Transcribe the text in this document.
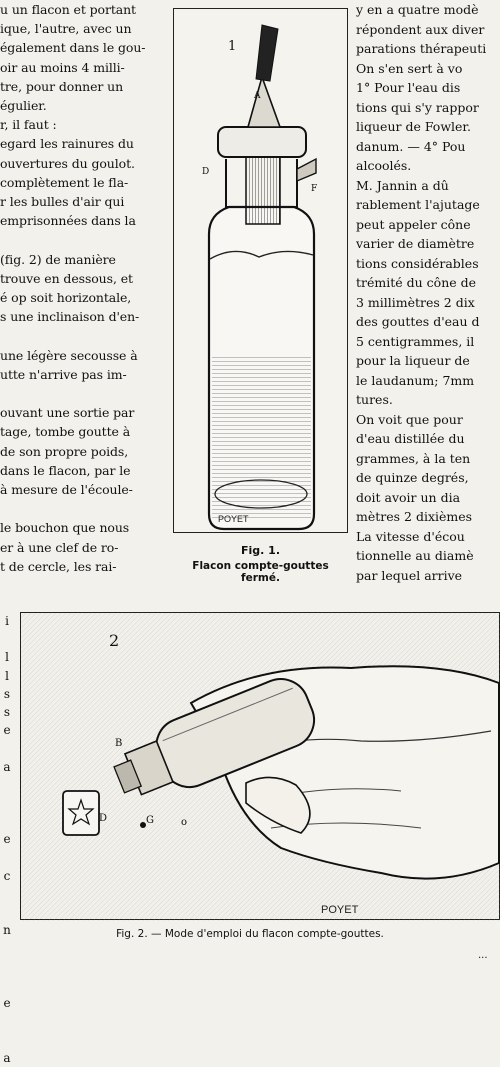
u un flacon et portant

ique, l'autre, avec un

également dans le gou-

oir au moins 4 milli-

tre, pour donner un

égulier.

r, il faut :

egard les rainures du

ouvertures du goulot.

complètement le fla-

r les bulles d'air qui

emprisonnées dans la

(fig. 2) de manière

trouve en dessous, et

é op soit horizontale,

s une inclinaison d'en-

une légère secousse à

utte n'arrive pas im-

ouvant une sortie par

tage, tombe goutte à

de son propre poids,

dans le flacon, par le

à mesure de l'écoule-

le bouchon que nous

er à une clef de ro-

t de cercle, les rai-

POYET
1
A
D
F
Fig. 1.
Flacon compte-gouttes fermé.

y en a quatre modè

répondent aux diver

parations thérapeuti

On s'en sert à vo

1° Pour l'eau dis

tions qui s'y rappor

liqueur de Fowler.

danum. — 4° Pou

alcoolés.

M. Jannin a dû

rablement l'ajutage

peut appeler cône

varier de diamètre

tions considérables

trémité du cône de

3 millimètres 2 dix

des gouttes d'eau d

5 centigrammes, il

pour la liqueur de

le laudanum; 7mm

tures.

On voit que pour

d'eau distillée du

grammes, à la ten

de quinze degrés,

doit avoir un dia

mètres 2 dixièmes

La vitesse d'écou

tionnelle au diamè

par lequel arrive

i

l
l
s
s
e

a

e

c

n

e

a
POYET
2
B
D	G	o
Fig. 2. — Mode d'emploi du flacon compte-gouttes.
...
